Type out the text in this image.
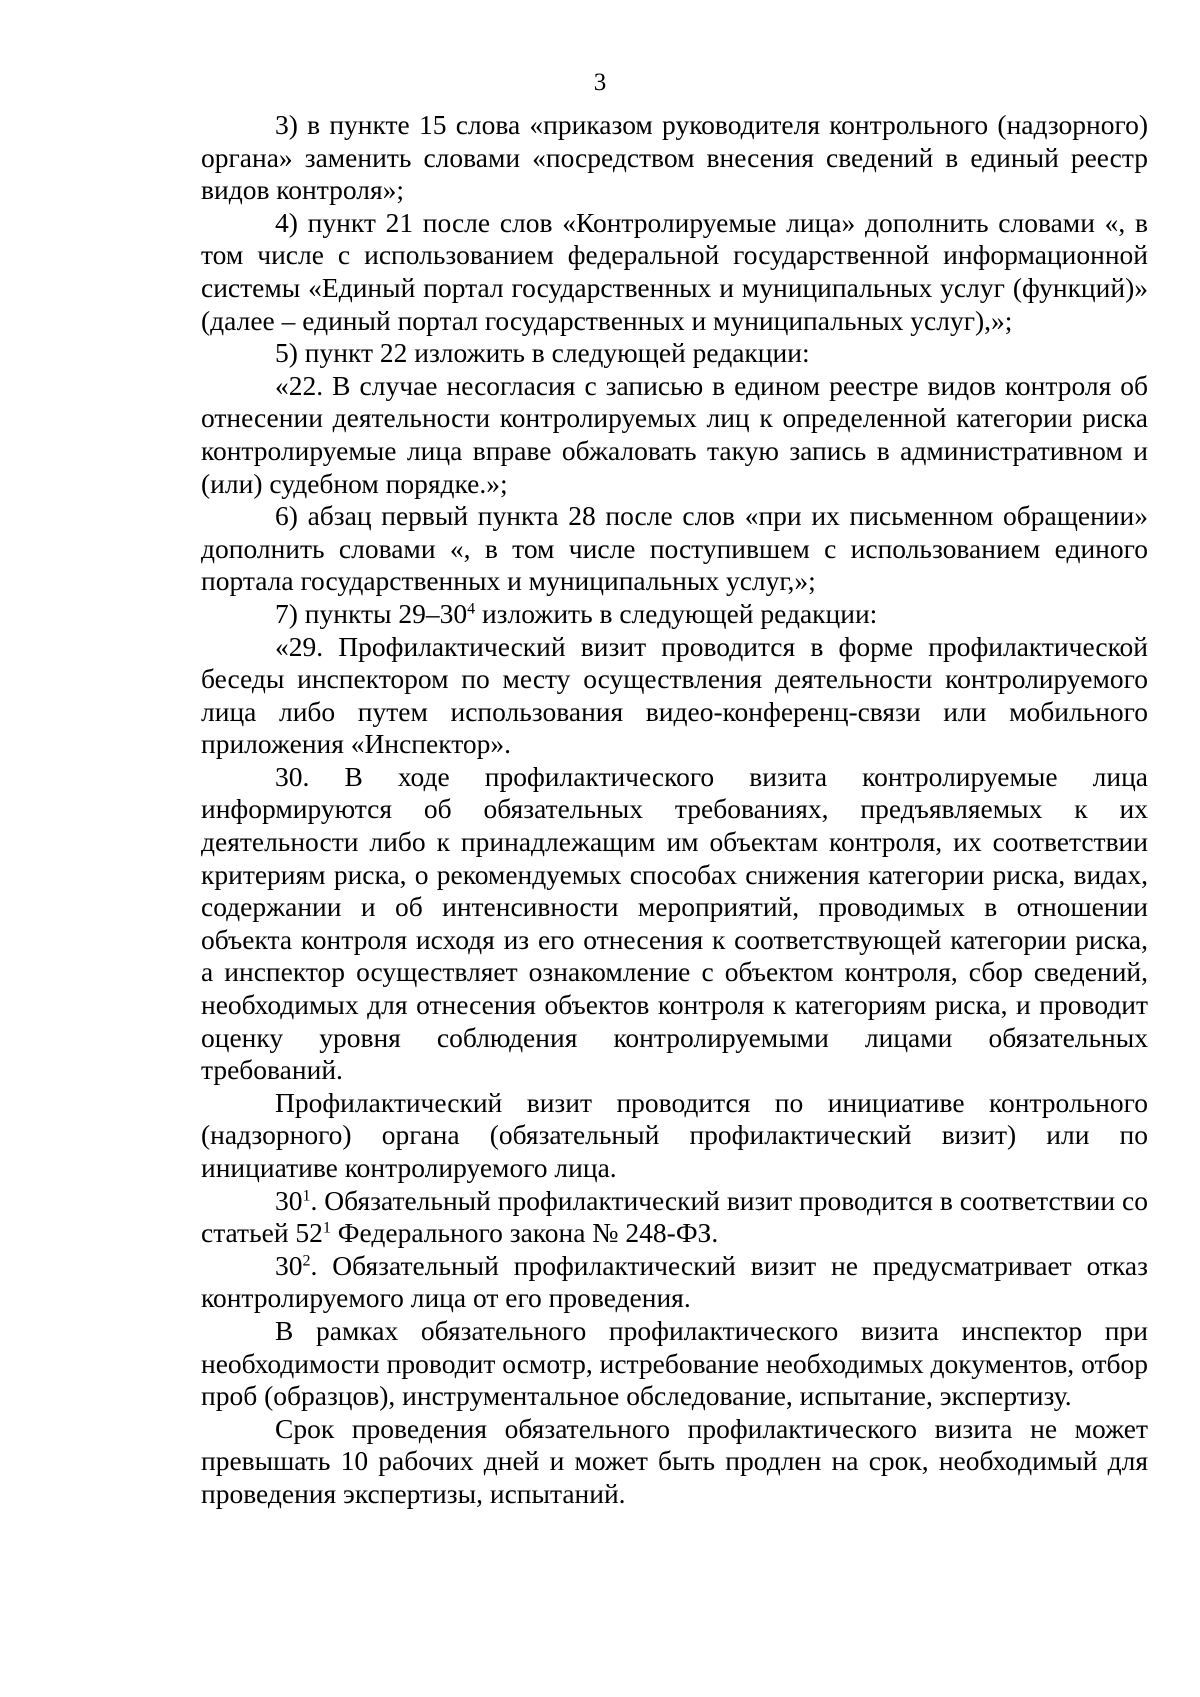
3

3) в пункте 15 слова «приказом руководителя контрольного (надзорного) органа» заменить словами «посредством внесения сведений в единый реестр видов контроля»;

4) пункт 21 после слов «Контролируемые лица» дополнить словами «, в том числе с использованием федеральной государственной информационной системы «Единый портал государственных и муниципальных услуг (функций)» (далее – единый портал государственных и муниципальных услуг),»;

5) пункт 22 изложить в следующей редакции:

«22. В случае несогласия с записью в едином реестре видов контроля об отнесении деятельности контролируемых лиц к определенной категории риска контролируемые лица вправе обжаловать такую запись в административном и (или) судебном порядке.»;

6) абзац первый пункта 28 после слов «при их письменном обращении» дополнить словами «, в том числе поступившем с использованием единого портала государственных и муниципальных услуг,»;

7) пункты $29-30^4$ изложить в следующей редакции:

«29. Профилактический визит проводится в форме профилактической беседы инспектором по месту осуществления деятельности контролируемого лица либо путем использования видео-конференц-связи или мобильного приложения «Инспектор».

30. В ходе профилактического визита контролируемые лица информируются об обязательных требованиях, предъявляемых к их деятельности либо к принадлежащим им объектам контроля, их соответствии критериям риска, о рекомендуемых способах снижения категории риска, видах, содержании и об интенсивности мероприятий, проводимых в отношении объекта контроля исходя из его отнесения к соответствующей категории риска, а инспектор осуществляет ознакомление с объектом контроля, сбор сведений, необходимых для отнесения объектов контроля к категориям риска, и проводит оценку уровня соблюдения контролируемыми лицами обязательных требований.

Профилактический визит проводится по инициативе контрольного (надзорного) органа (обязательный профилактический визит) или по инициативе контролируемого лица.

$30^1$. Обязательный профилактический визит проводится в соответствии со статьей $52^1$ Федерального закона № 248-ФЗ.

$30^2$. Обязательный профилактический визит не предусматривает отказ контролируемого лица от его проведения.

В рамках обязательного профилактического визита инспектор при необходимости проводит осмотр, истребование необходимых документов, отбор проб (образцов), инструментальное обследование, испытание, экспертизу.

Срок проведения обязательного профилактического визита не может превышать 10 рабочих дней и может быть продлен на срок, необходимый для проведения экспертизы, испытаний.
